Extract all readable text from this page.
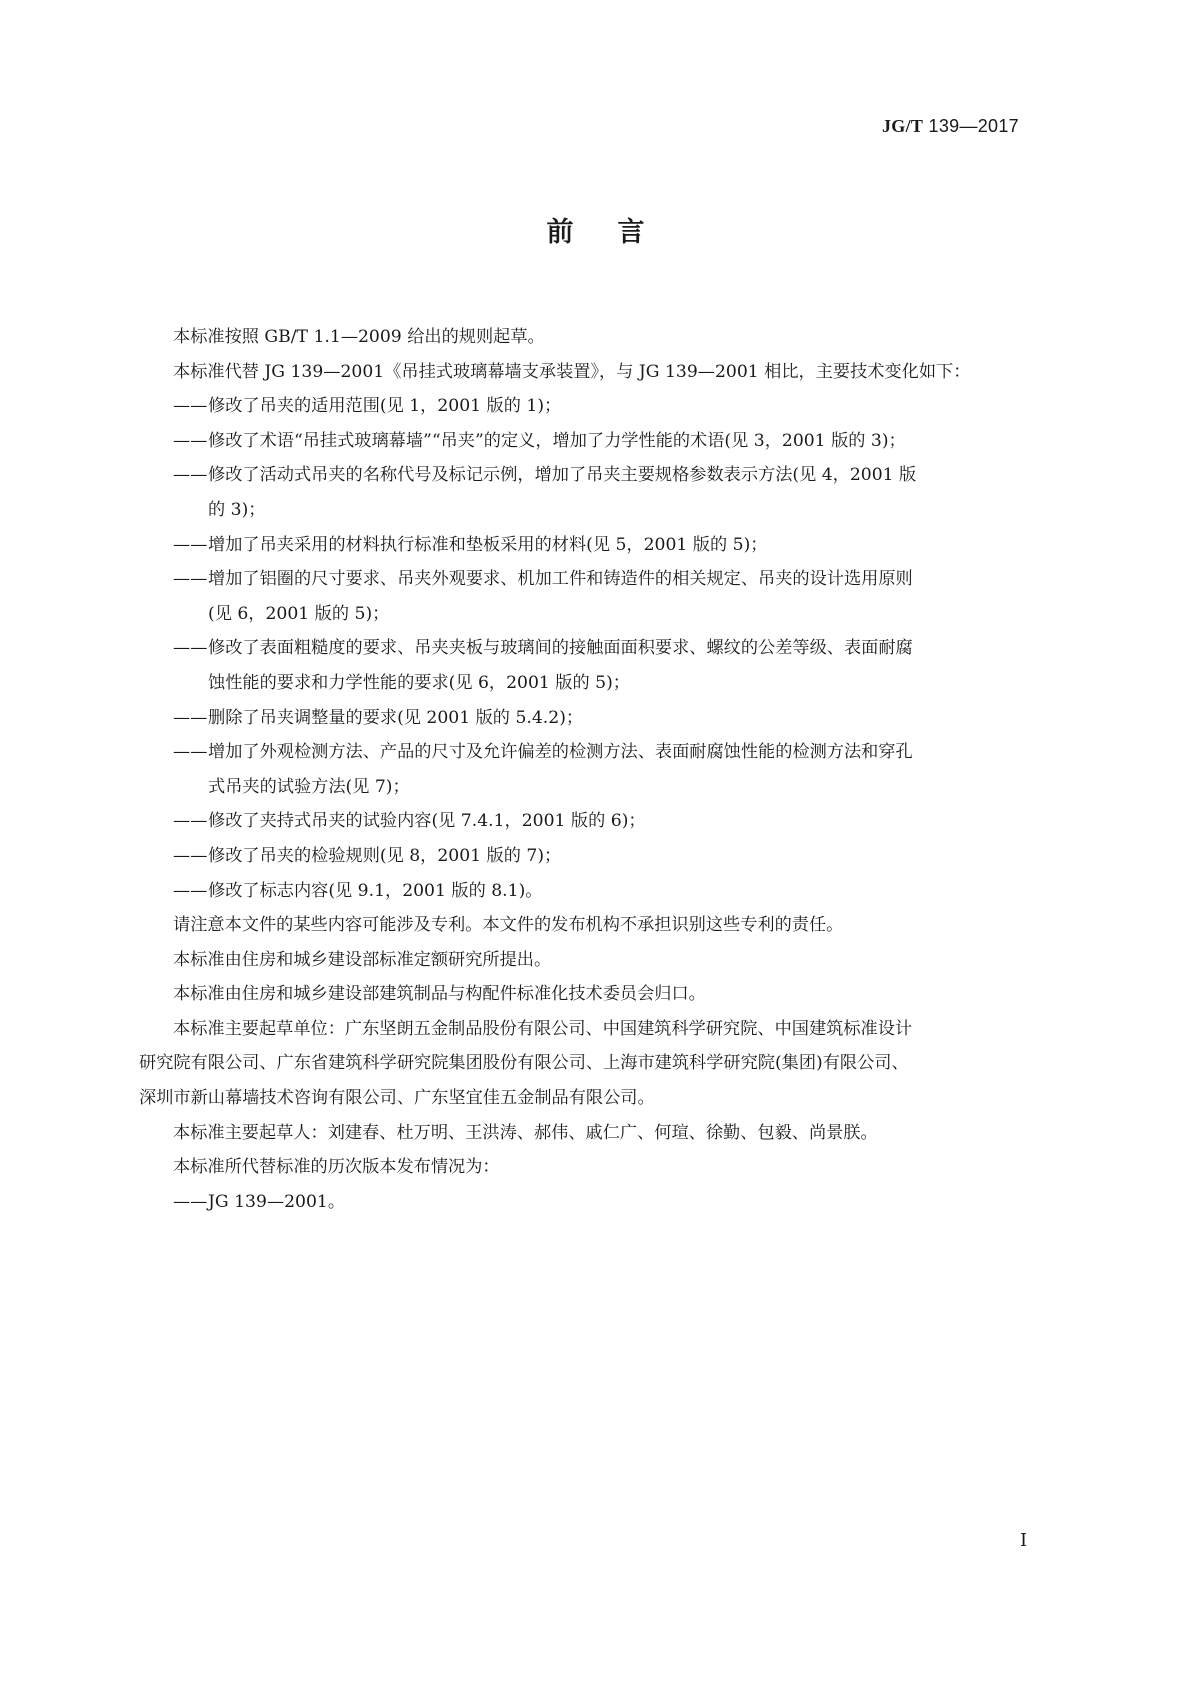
JG/T 139—2017
前言
本标准按照 GB/T 1.1—2009 给出的规则起草。
本标准代替 JG 139—2001《吊挂式玻璃幕墙支承装置》，与 JG 139—2001 相比，主要技术变化如下：
——修改了吊夹的适用范围(见 1，2001 版的 1)；
——修改了术语“吊挂式玻璃幕墙”“吊夹”的定义，增加了力学性能的术语(见 3，2001 版的 3)；
——修改了活动式吊夹的名称代号及标记示例，增加了吊夹主要规格参数表示方法(见 4，2001 版
的 3)；
——增加了吊夹采用的材料执行标准和垫板采用的材料(见 5，2001 版的 5)；
——增加了铝圈的尺寸要求、吊夹外观要求、机加工件和铸造件的相关规定、吊夹的设计选用原则
(见 6，2001 版的 5)；
——修改了表面粗糙度的要求、吊夹夹板与玻璃间的接触面面积要求、螺纹的公差等级、表面耐腐
蚀性能的要求和力学性能的要求(见 6，2001 版的 5)；
——删除了吊夹调整量的要求(见 2001 版的 5.4.2)；
——增加了外观检测方法、产品的尺寸及允许偏差的检测方法、表面耐腐蚀性能的检测方法和穿孔
式吊夹的试验方法(见 7)；
——修改了夹持式吊夹的试验内容(见 7.4.1，2001 版的 6)；
——修改了吊夹的检验规则(见 8，2001 版的 7)；
——修改了标志内容(见 9.1，2001 版的 8.1)。
请注意本文件的某些内容可能涉及专利。本文件的发布机构不承担识别这些专利的责任。
本标准由住房和城乡建设部标准定额研究所提出。
本标准由住房和城乡建设部建筑制品与构配件标准化技术委员会归口。
本标准主要起草单位：广东坚朗五金制品股份有限公司、中国建筑科学研究院、中国建筑标准设计
研究院有限公司、广东省建筑科学研究院集团股份有限公司、上海市建筑科学研究院(集团)有限公司、
深圳市新山幕墙技术咨询有限公司、广东坚宜佳五金制品有限公司。
本标准主要起草人：刘建春、杜万明、王洪涛、郝伟、戚仁广、何瑄、徐勤、包毅、尚景朕。
本标准所代替标准的历次版本发布情况为：
——JG 139—2001。
I
